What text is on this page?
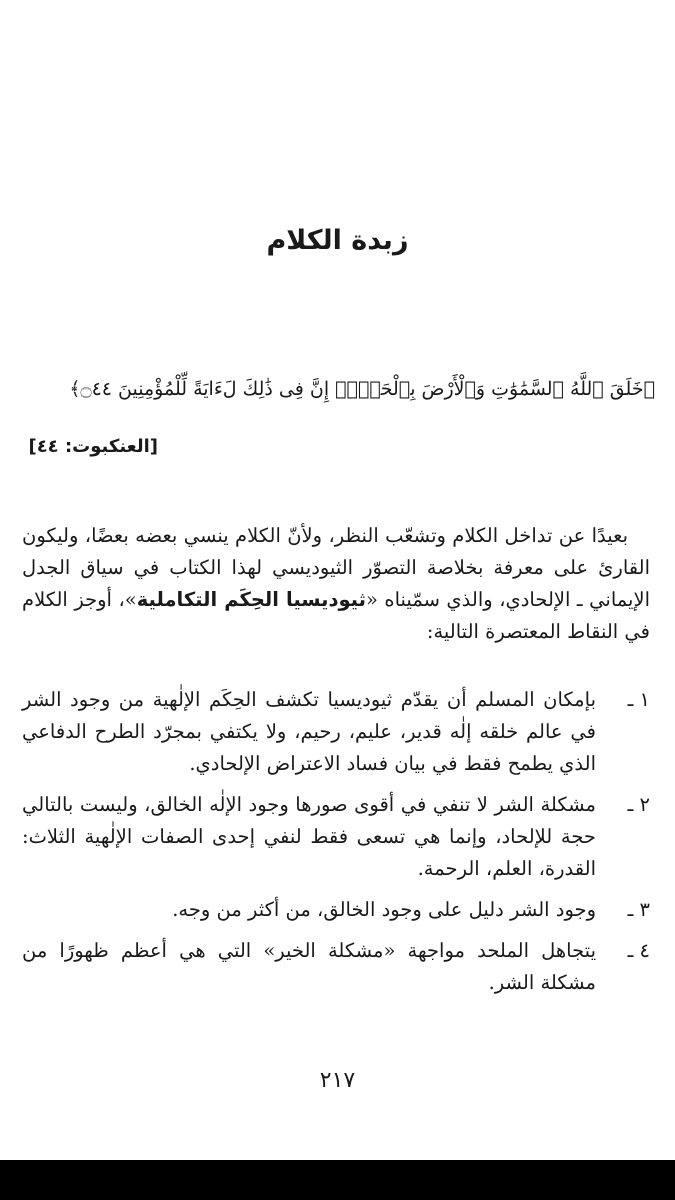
زبدة الكلام
﴿خَلَقَ ٱللَّهُ ٱلسَّمَٰوَٰتِ وَٱلْأَرْضَ بِٱلْحَقِّۚ إِنَّ فِى ذَٰلِكَ لَءَايَةً لِّلْمُؤْمِنِينَ ۝٤٤﴾
[العنكبوت: ٤٤]
بعيدًا عن تداخل الكلام وتشعّب النظر، ولأنّ الكلام ينسي بعضه بعضًا، وليكون القارئ على معرفة بخلاصة التصوّر الثيوديسي لهذا الكتاب في سياق الجدل الإيماني ـ الإلحادي، والذي سمّيناه «ثيوديسيا الحِكَم التكاملية»، أوجز الكلام في النقاط المعتصرة التالية:
١ ـ
بإمكان المسلم أن يقدّم ثيوديسيا تكشف الحِكَم الإلٰهية من وجود الشر في عالم خلقه إلٰه قدير، عليم، رحيم، ولا يكتفي بمجرّد الطرح الدفاعي الذي يطمح فقط في بيان فساد الاعتراض الإلحادي.
٢ ـ
مشكلة الشر لا تنفي في أقوى صورها وجود الإلٰه الخالق، وليست بالتالي حجة للإلحاد، وإنما هي تسعى فقط لنفي إحدى الصفات الإلٰهية الثلاث: القدرة، العلم، الرحمة.
٣ ـ
وجود الشر دليل على وجود الخالق، من أكثر من وجه.
٤ ـ
يتجاهل الملحد مواجهة «مشكلة الخير» التي هي أعظم ظهورًا من مشكلة الشر.
٢١٧
